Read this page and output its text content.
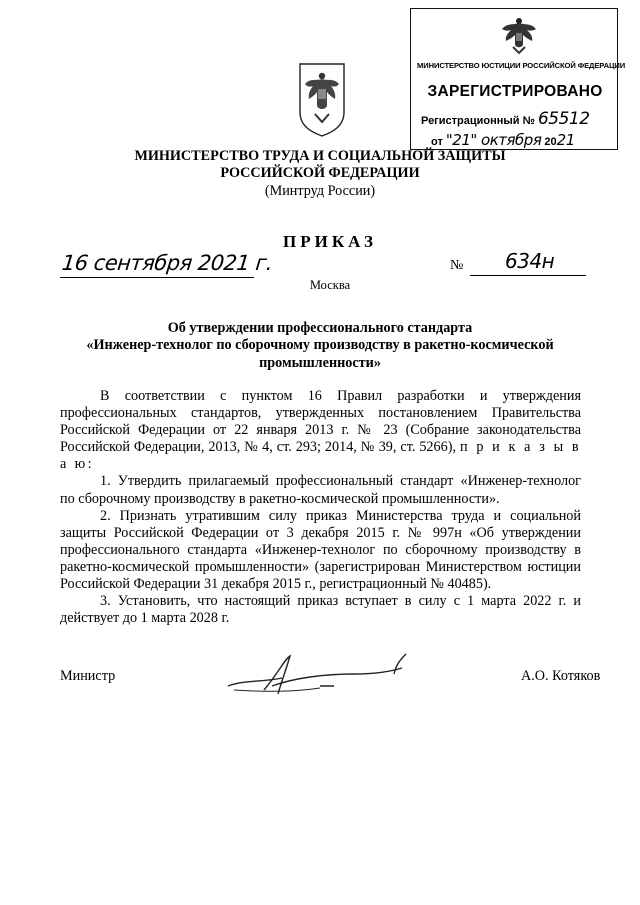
МИНИСТЕРСТВО ЮСТИЦИИ РОССИЙСКОЙ ФЕДЕРАЦИИ
ЗАРЕГИСТРИРОВАНО
Регистрационный № 65512
от "21" октября 2021
МИНИСТЕРСТВО ТРУДА И СОЦИАЛЬНОЙ ЗАЩИТЫ
РОССИЙСКОЙ ФЕДЕРАЦИИ
(Минтруд России)
ПРИКАЗ
16 сентября 2021 г.	№ 634н
Москва
Об утверждении профессионального стандарта
«Инженер-технолог по сборочному производству в ракетно-космической
промышленности»

В соответствии с пунктом 16 Правил разработки и утверждения профессиональных стандартов, утвержденных постановлением Правительства Российской Федерации от 22 января 2013 г. № 23 (Собрание законодательства Российской Федерации, 2013, № 4, ст. 293; 2014, № 39, ст. 5266), п р и к а з ы в а ю:

1. Утвердить прилагаемый профессиональный стандарт «Инженер-технолог по сборочному производству в ракетно-космической промышленности».

2. Признать утратившим силу приказ Министерства труда и социальной защиты Российской Федерации от 3 декабря 2015 г. № 997н «Об утверждении профессионального стандарта «Инженер-технолог по сборочному производству в ракетно-космической промышленности» (зарегистрирован Министерством юстиции Российской Федерации 31 декабря 2015 г., регистрационный № 40485).

3. Установить, что настоящий приказ вступает в силу с 1 марта 2022 г. и действует до 1 марта 2028 г.

Министр	А.О. Котяков
